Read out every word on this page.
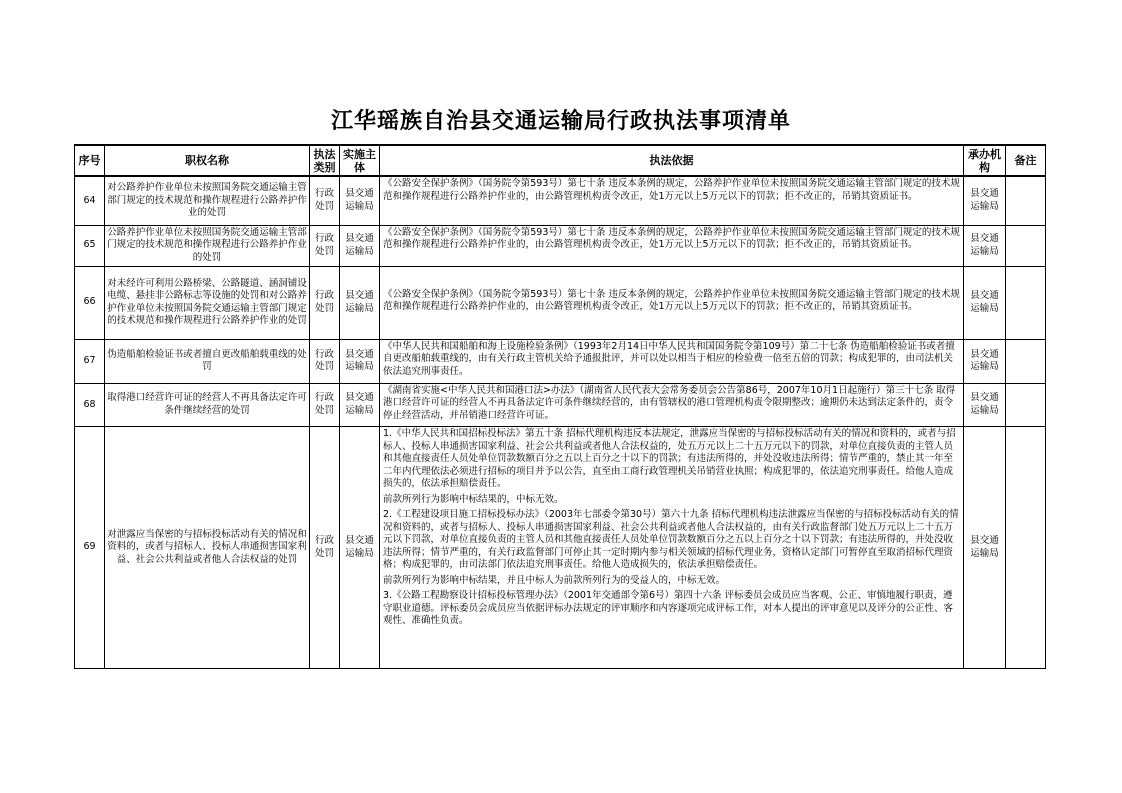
江华瑶族自治县交通运输局行政执法事项清单
序号	职权名称	执法类别	实施主体	执法依据	承办机构	备注
64	对公路养护作业单位未按照国务院交通运输主管部门规定的技术规范和操作规程进行公路养护作业的处罚	行政处罚	县交通运输局	《公路安全保护条例》（国务院令第593号）第七十条 违反本条例的规定，公路养护作业单位未按照国务院交通运输主管部门规定的技术规范和操作规程进行公路养护作业的，由公路管理机构责令改正，处1万元以上5万元以下的罚款；拒不改正的，吊销其资质证书。	县交通运输局	
65	公路养护作业单位未按照国务院交通运输主管部门规定的技术规范和操作规程进行公路养护作业的处罚	行政处罚	县交通运输局	《公路安全保护条例》（国务院令第593号）第七十条 违反本条例的规定，公路养护作业单位未按照国务院交通运输主管部门规定的技术规范和操作规程进行公路养护作业的，由公路管理机构责令改正，处1万元以上5万元以下的罚款；拒不改正的，吊销其资质证书。	县交通运输局	
66	对未经许可利用公路桥梁、公路隧道、涵洞铺设电缆、悬挂非公路标志等设施的处罚和对公路养护作业单位未按照国务院交通运输主管部门规定的技术规范和操作规程进行公路养护作业的处罚	行政处罚	县交通运输局	《公路安全保护条例》（国务院令第593号）第七十条 违反本条例的规定，公路养护作业单位未按照国务院交通运输主管部门规定的技术规范和操作规程进行公路养护作业的，由公路管理机构责令改正，处1万元以上5万元以下的罚款；拒不改正的，吊销其资质证书。	县交通运输局	
67	伪造船舶检验证书或者擅自更改船舶载重线的处罚	行政处罚	县交通运输局	《中华人民共和国船舶和海上设施检验条例》（1993年2月14日中华人民共和国国务院令第109号）第二十七条 伪造船舶检验证书或者擅自更改船舶载重线的，由有关行政主管机关给予通报批评，并可以处以相当于相应的检验费一倍至五倍的罚款；构成犯罪的，由司法机关依法追究刑事责任。	县交通运输局	
68	取得港口经营许可证的经营人不再具备法定许可条件继续经营的处罚	行政处罚	县交通运输局	《湖南省实施<中华人民共和国港口法>办法》（湖南省人民代表大会常务委员会公告第86号，2007年10月1日起施行）第三十七条 取得港口经营许可证的经营人不再具备法定许可条件继续经营的，由有管辖权的港口管理机构责令限期整改；逾期仍未达到法定条件的，责令停止经营活动，并吊销港口经营许可证。	县交通运输局	
69	对泄露应当保密的与招标投标活动有关的情况和资料的，或者与招标人、投标人串通损害国家利益、社会公共利益或者他人合法权益的处罚	行政处罚	县交通运输局	1.《中华人民共和国招标投标法》第五十条 招标代理机构违反本法规定，泄露应当保密的与招标投标活动有关的情况和资料的，或者与招标人、投标人串通损害国家利益、社会公共利益或者他人合法权益的，处五万元以上二十五万元以下的罚款，对单位直接负责的主管人员和其他直接责任人员处单位罚款数额百分之五以上百分之十以下的罚款；有违法所得的，并处没收违法所得；情节严重的，禁止其一年至二年内代理依法必须进行招标的项目并予以公告，直至由工商行政管理机关吊销营业执照；构成犯罪的，依法追究刑事责任。给他人造成损失的，依法承担赔偿责任。

前款所列行为影响中标结果的，中标无效。

2.《工程建设项目施工招标投标办法》（2003年七部委令第30号）第六十九条 招标代理机构违法泄露应当保密的与招标投标活动有关的情况和资料的，或者与招标人、投标人串通损害国家利益、社会公共利益或者他人合法权益的，由有关行政监督部门处五万元以上二十五万元以下罚款，对单位直接负责的主管人员和其他直接责任人员处单位罚款数额百分之五以上百分之十以下罚款；有违法所得的，并处没收违法所得；情节严重的，有关行政监督部门可停止其一定时期内参与相关领域的招标代理业务，资格认定部门可暂停直至取消招标代理资格；构成犯罪的，由司法部门依法追究刑事责任。给他人造成损失的，依法承担赔偿责任。

前款所列行为影响中标结果，并且中标人为前款所列行为的受益人的，中标无效。

3.《公路工程勘察设计招标投标管理办法》（2001年交通部令第6号）第四十六条 评标委员会成员应当客观、公正、审慎地履行职责，遵守职业道德。评标委员会成员应当依据评标办法规定的评审顺序和内容逐项完成评标工作，对本人提出的评审意见以及评分的公正性、客观性、准确性负责。	县交通运输局	
